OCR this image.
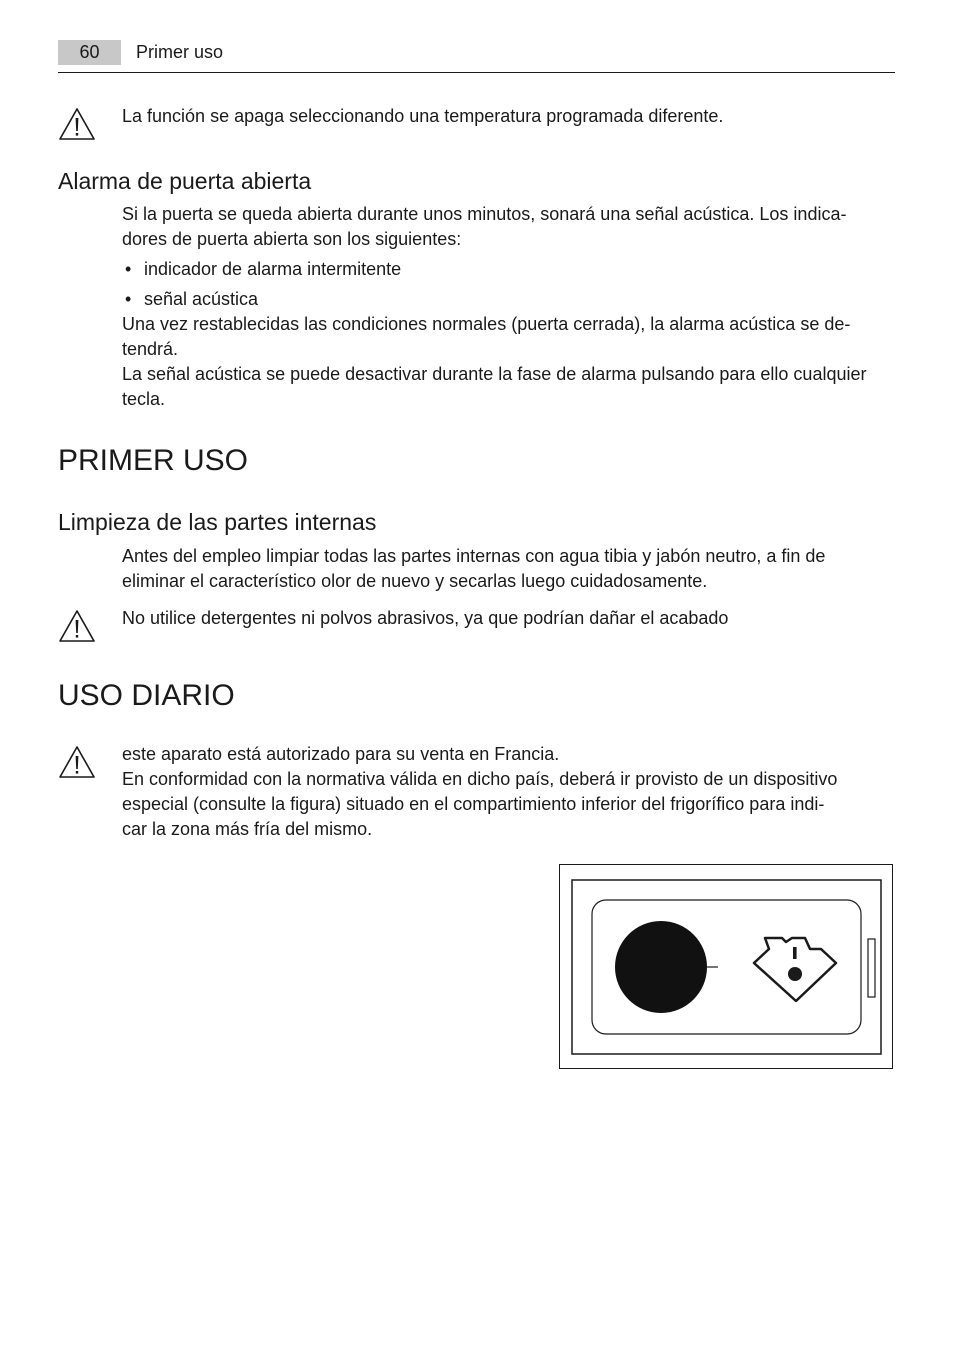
60	Primer uso
La función se apaga seleccionando una temperatura programada diferente.
Alarma de puerta abierta

Si la puerta se queda abierta durante unos minutos, sonará una señal acústica. Los indica-

dores de puerta abierta son los siguientes:

• indicador de alarma intermitente

• señal acústica

Una vez restablecidas las condiciones normales (puerta cerrada), la alarma acústica se de-

tendrá.

La señal acústica se puede desactivar durante la fase de alarma pulsando para ello cualquier

tecla.

PRIMER USO
Limpieza de las partes internas

Antes del empleo limpiar todas las partes internas con agua tibia y jabón neutro, a fin de

eliminar el característico olor de nuevo y secarlas luego cuidadosamente.

No utilice detergentes ni polvos abrasivos, ya que podrían dañar el acabado
USO DIARIO

este aparato está autorizado para su venta en Francia.

En conformidad con la normativa válida en dicho país, deberá ir provisto de un dispositivo

especial (consulte la figura) situado en el compartimiento inferior del frigorífico para indi-

car la zona más fría del mismo.
